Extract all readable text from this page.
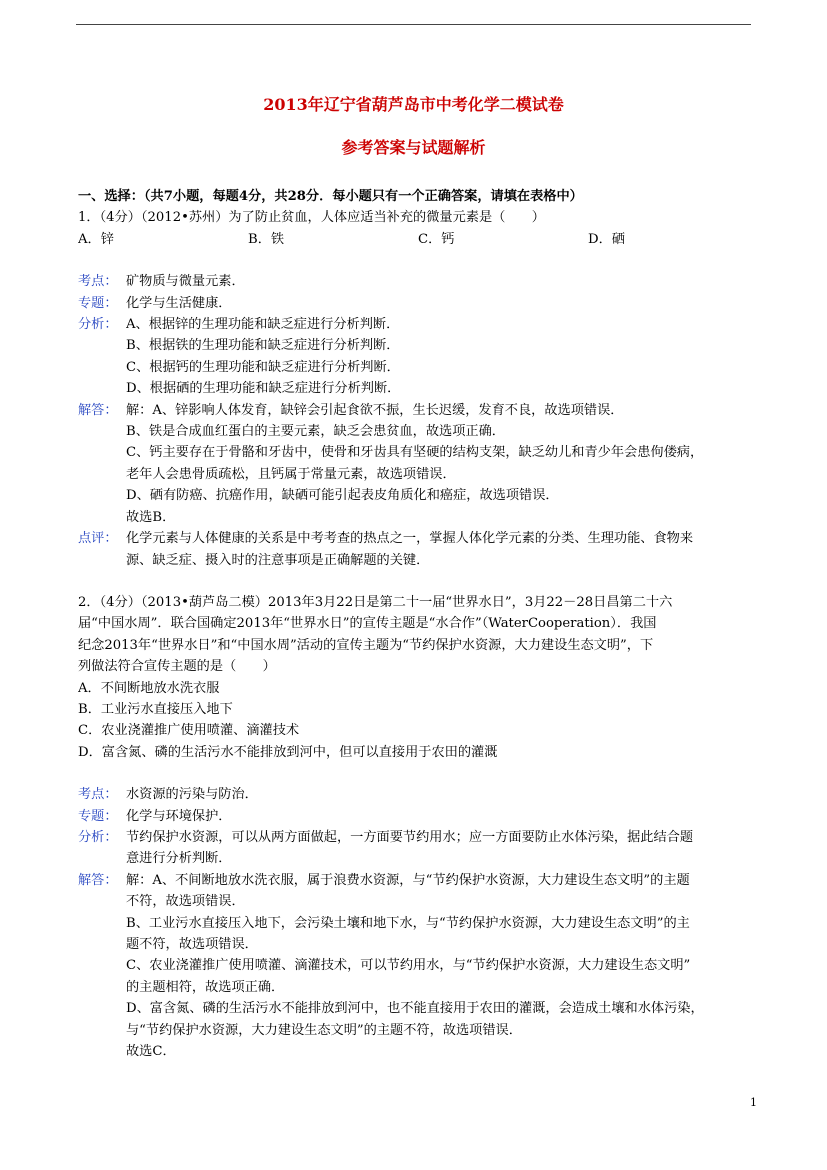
2013年辽宁省葫芦岛市中考化学二模试卷
参考答案与试题解析
一、选择：（共7小题，每题4分，共28分．每小题只有一个正确答案，请填在表格中）
1．（4分）（2012•苏州）为了防止贫血，人体应适当补充的微量元素是（　　）
A．锌	B．铁	C．钙	D．硒
考点： 矿物质与微量元素．
专题： 化学与生活健康．
分析： A、根据锌的生理功能和缺乏症进行分析判断．
B、根据铁的生理功能和缺乏症进行分析判断．
C、根据钙的生理功能和缺乏症进行分析判断．
D、根据硒的生理功能和缺乏症进行分析判断．
解答： 解：A、锌影响人体发育，缺锌会引起食欲不振，生长迟缓，发育不良，故选项错误．
B、铁是合成血红蛋白的主要元素，缺乏会患贫血，故选项正确．
C、钙主要存在于骨骼和牙齿中，使骨和牙齿具有坚硬的结构支架，缺乏幼儿和青少年会患佝偻病，
老年人会患骨质疏松，且钙属于常量元素，故选项错误．
D、硒有防癌、抗癌作用，缺硒可能引起表皮角质化和癌症，故选项错误．
故选B．
点评： 化学元素与人体健康的关系是中考考查的热点之一，掌握人体化学元素的分类、生理功能、食物来
源、缺乏症、摄入时的注意事项是正确解题的关键．
2．（4分）（2013•葫芦岛二模）2013年3月22日是第二十一届“世界水日”，3月22－28日昌第二十六
届“中国水周”．联合国确定2013年“世界水日”的宣传主题是“水合作”（WaterCooperation）．我国
纪念2013年“世界水日”和“中国水周”活动的宣传主题为“节约保护水资源，大力建设生态文明”，下
列做法符合宣传主题的是（　　）
A．不间断地放水洗衣服
B．工业污水直接压入地下
C．农业浇灌推广使用喷灌、滴灌技术
D．富含氮、磷的生活污水不能排放到河中，但可以直接用于农田的灌溉
考点： 水资源的污染与防治．
专题： 化学与环境保护．
分析： 节约保护水资源，可以从两方面做起，一方面要节约用水；应一方面要防止水体污染，据此结合题
意进行分析判断．
解答： 解：A、不间断地放水洗衣服，属于浪费水资源，与“节约保护水资源，大力建设生态文明”的主题
不符，故选项错误．
B、工业污水直接压入地下，会污染土壤和地下水，与“节约保护水资源，大力建设生态文明”的主
题不符，故选项错误．
C、农业浇灌推广使用喷灌、滴灌技术，可以节约用水，与“节约保护水资源，大力建设生态文明”
的主题相符，故选项正确．
D、富含氮、磷的生活污水不能排放到河中，也不能直接用于农田的灌溉，会造成土壤和水体污染，
与“节约保护水资源，大力建设生态文明”的主题不符，故选项错误．
故选C．
1
